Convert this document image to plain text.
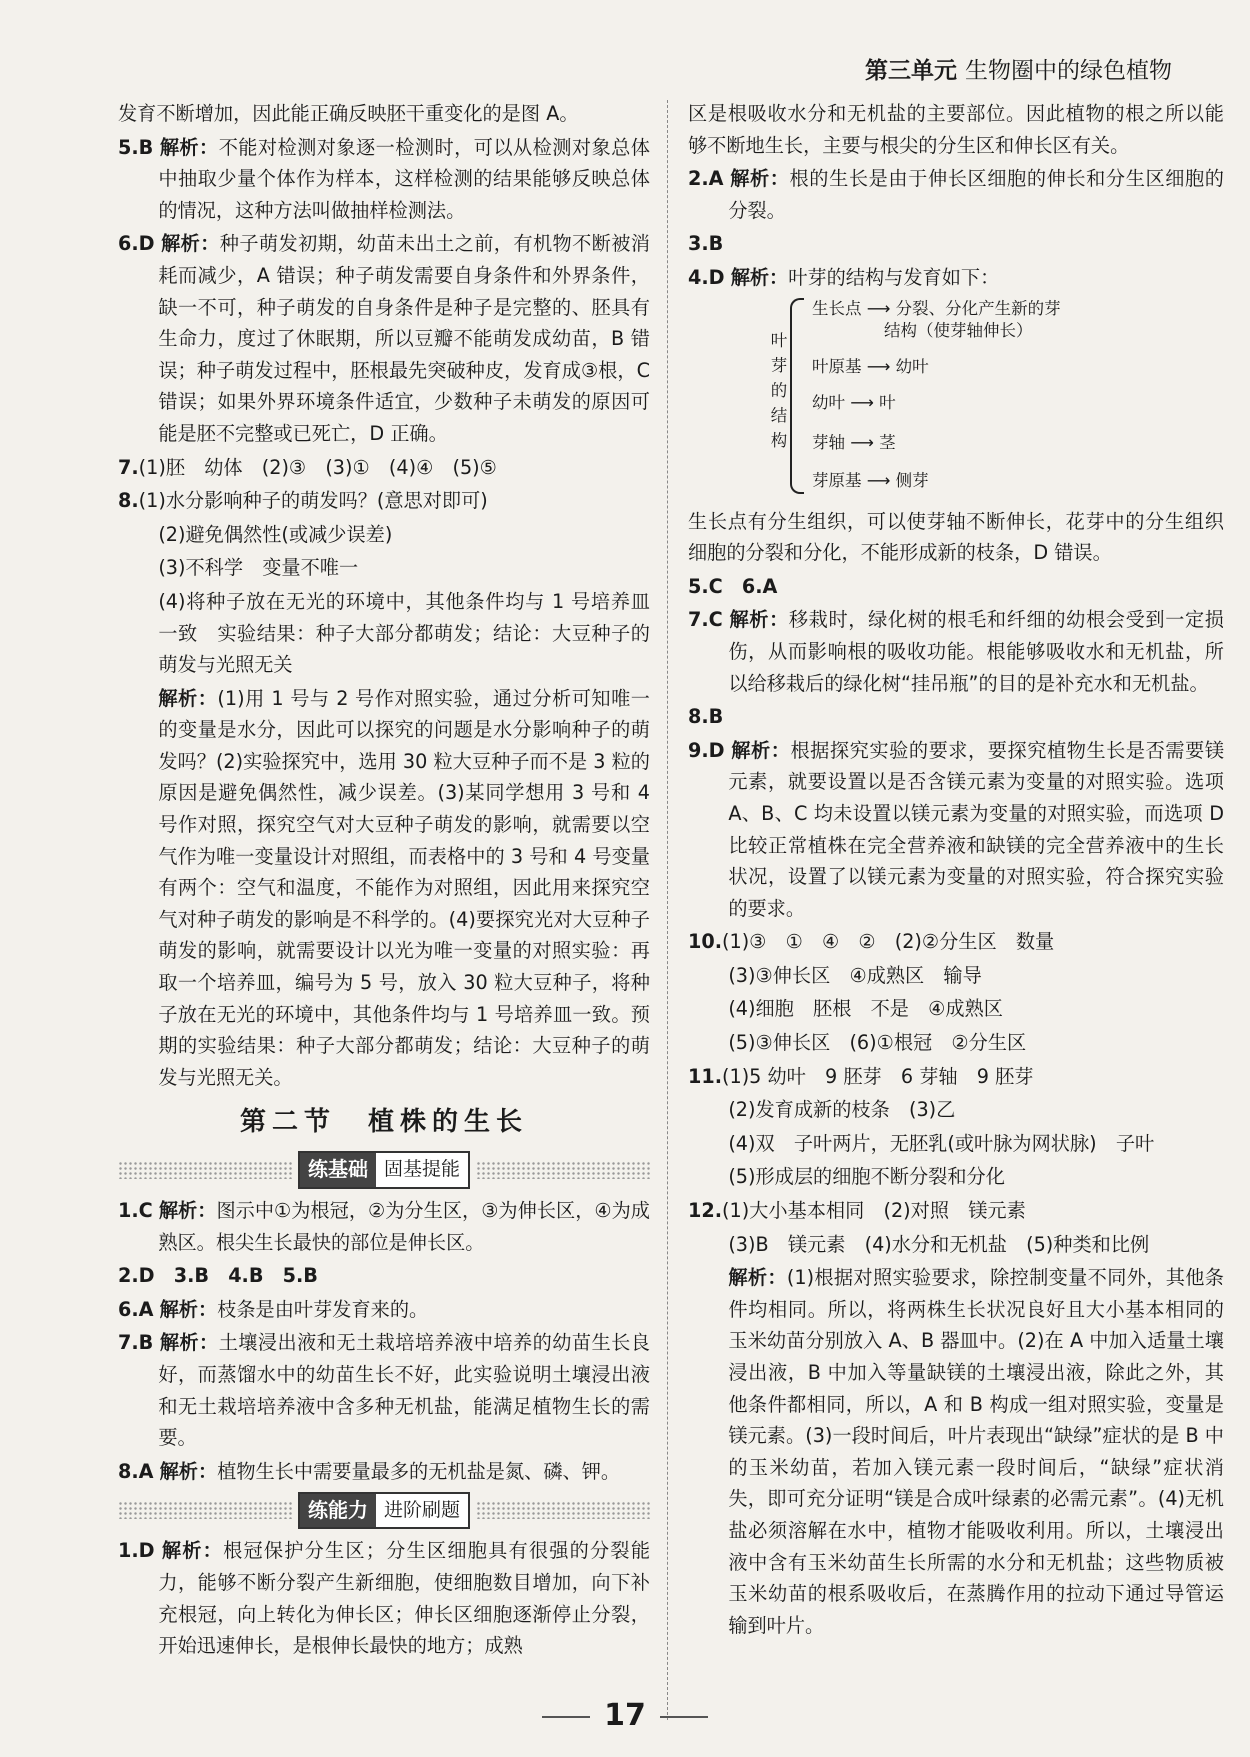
第三单元 生物圈中的绿色植物

发育不断增加，因此能正确反映胚干重变化的是图 A。

5.B 解析：不能对检测对象逐一检测时，可以从检测对象总体中抽取少量个体作为样本，这样检测的结果能够反映总体的情况，这种方法叫做抽样检测法。

6.D 解析：种子萌发初期，幼苗未出土之前，有机物不断被消耗而减少，A 错误；种子萌发需要自身条件和外界条件，缺一不可，种子萌发的自身条件是种子是完整的、胚具有生命力，度过了休眠期，所以豆瓣不能萌发成幼苗，B 错误；种子萌发过程中，胚根最先突破种皮，发育成③根，C 错误；如果外界环境条件适宜，少数种子未萌发的原因可能是胚不完整或已死亡，D 正确。

7.(1)胚　幼体　(2)③　(3)①　(4)④　(5)⑤

8.(1)水分影响种子的萌发吗？(意思对即可)

(2)避免偶然性(或减少误差)

(3)不科学　变量不唯一

(4)将种子放在无光的环境中，其他条件均与 1 号培养皿一致　实验结果：种子大部分都萌发；结论：大豆种子的萌发与光照无关

解析：(1)用 1 号与 2 号作对照实验，通过分析可知唯一的变量是水分，因此可以探究的问题是水分影响种子的萌发吗？(2)实验探究中，选用 30 粒大豆种子而不是 3 粒的原因是避免偶然性，减少误差。(3)某同学想用 3 号和 4 号作对照，探究空气对大豆种子萌发的影响，就需要以空气作为唯一变量设计对照组，而表格中的 3 号和 4 号变量有两个：空气和温度，不能作为对照组，因此用来探究空气对种子萌发的影响是不科学的。(4)要探究光对大豆种子萌发的影响，就需要设计以光为唯一变量的对照实验：再取一个培养皿，编号为 5 号，放入 30 粒大豆种子，将种子放在无光的环境中，其他条件均与 1 号培养皿一致。预期的实验结果：种子大部分都萌发；结论：大豆种子的萌发与光照无关。

第二节　植株的生长
练基础 固基提能

1.C 解析：图示中①为根冠，②为分生区，③为伸长区，④为成熟区。根尖生长最快的部位是伸长区。

2.D　3.B　4.B　5.B

6.A 解析：枝条是由叶芽发育来的。

7.B 解析：土壤浸出液和无土栽培培养液中培养的幼苗生长良好，而蒸馏水中的幼苗生长不好，此实验说明土壤浸出液和无土栽培培养液中含多种无机盐，能满足植物生长的需要。

8.A 解析：植物生长中需要量最多的无机盐是氮、磷、钾。

练能力 进阶刷题

1.D 解析：根冠保护分生区；分生区细胞具有很强的分裂能力，能够不断分裂产生新细胞，使细胞数目增加，向下补充根冠，向上转化为伸长区；伸长区细胞逐渐停止分裂，开始迅速伸长，是根伸长最快的地方；成熟

区是根吸收水分和无机盐的主要部位。因此植物的根之所以能够不断地生长，主要与根尖的分生区和伸长区有关。

2.A 解析：根的生长是由于伸长区细胞的伸长和分生区细胞的分裂。

3.B

4.D 解析：叶芽的结构与发育如下：

叶芽的结构
生长点 ⟶ 分裂、分化产生新的芽
结构（使芽轴伸长）
叶原基 ⟶ 幼叶
幼叶 ⟶ 叶
芽轴 ⟶ 茎
芽原基 ⟶ 侧芽

生长点有分生组织，可以使芽轴不断伸长，花芽中的分生组织细胞的分裂和分化，不能形成新的枝条，D 错误。

5.C　6.A

7.C 解析：移栽时，绿化树的根毛和纤细的幼根会受到一定损伤，从而影响根的吸收功能。根能够吸收水和无机盐，所以给移栽后的绿化树“挂吊瓶”的目的是补充水和无机盐。

8.B

9.D 解析：根据探究实验的要求，要探究植物生长是否需要镁元素，就要设置以是否含镁元素为变量的对照实验。选项 A、B、C 均未设置以镁元素为变量的对照实验，而选项 D 比较正常植株在完全营养液和缺镁的完全营养液中的生长状况，设置了以镁元素为变量的对照实验，符合探究实验的要求。

10.(1)③　①　④　②　(2)②分生区　数量

(3)③伸长区　④成熟区　输导

(4)细胞　胚根　不是　④成熟区

(5)③伸长区　(6)①根冠　②分生区

11.(1)5 幼叶　9 胚芽　6 芽轴　9 胚芽

(2)发育成新的枝条　(3)乙

(4)双　子叶两片，无胚乳(或叶脉为网状脉)　子叶

(5)形成层的细胞不断分裂和分化

12.(1)大小基本相同　(2)对照　镁元素

(3)B　镁元素　(4)水分和无机盐　(5)种类和比例

解析：(1)根据对照实验要求，除控制变量不同外，其他条件均相同。所以，将两株生长状况良好且大小基本相同的玉米幼苗分别放入 A、B 器皿中。(2)在 A 中加入适量土壤浸出液，B 中加入等量缺镁的土壤浸出液，除此之外，其他条件都相同，所以，A 和 B 构成一组对照实验，变量是镁元素。(3)一段时间后，叶片表现出“缺绿”症状的是 B 中的玉米幼苗，若加入镁元素一段时间后，“缺绿”症状消失，即可充分证明“镁是合成叶绿素的必需元素”。(4)无机盐必须溶解在水中，植物才能吸收利用。所以，土壤浸出液中含有玉米幼苗生长所需的水分和无机盐；这些物质被玉米幼苗的根系吸收后，在蒸腾作用的拉动下通过导管运输到叶片。

17
